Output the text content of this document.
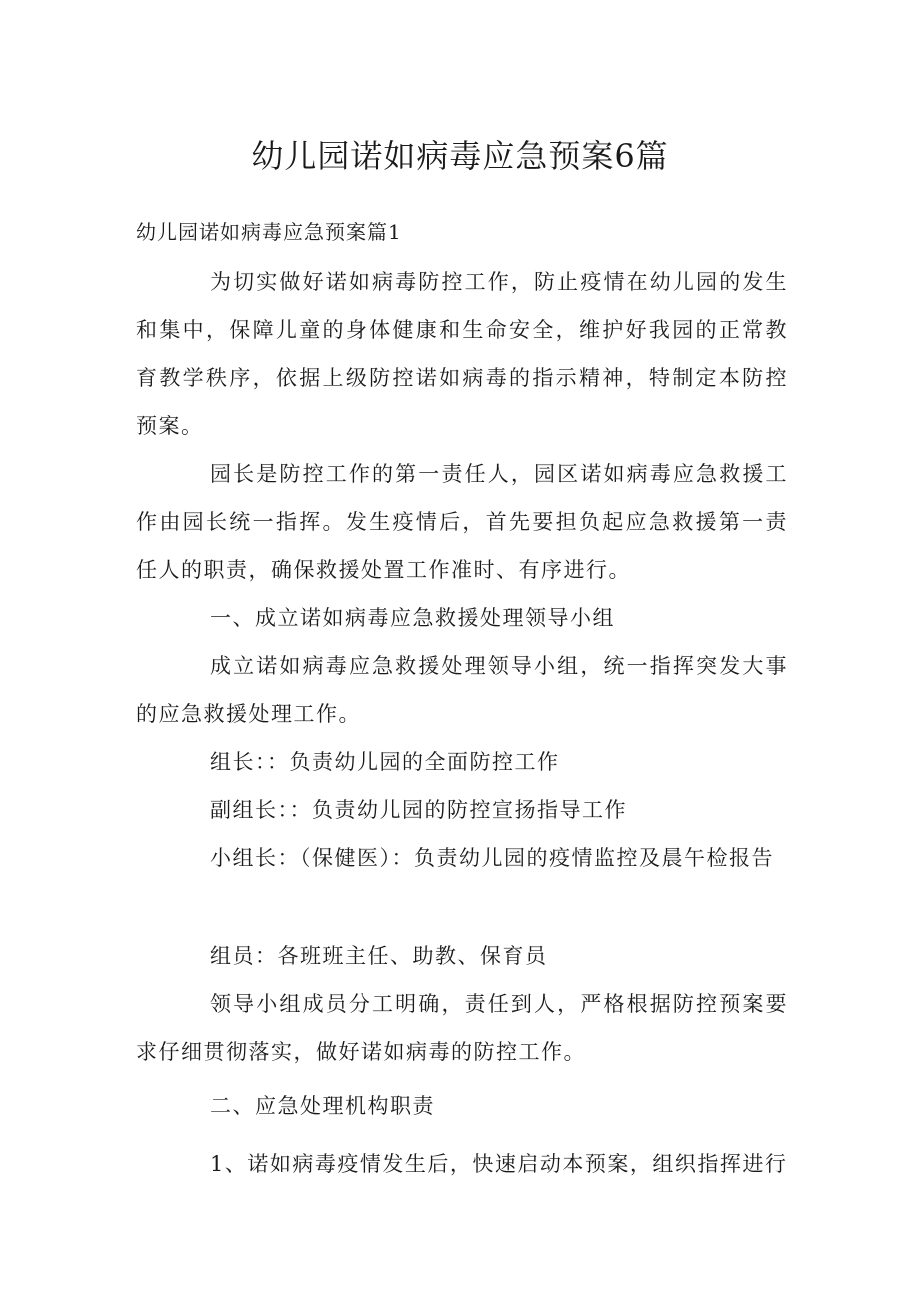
幼儿园诺如病毒应急预案6篇
幼儿园诺如病毒应急预案篇1
为切实做好诺如病毒防控工作，防止疫情在幼儿园的发生和集中，保障儿童的身体健康和生命安全，维护好我园的正常教育教学秩序，依据上级防控诺如病毒的指示精神，特制定本防控预案。
园长是防控工作的第一责任人，园区诺如病毒应急救援工作由园长统一指挥。发生疫情后，首先要担负起应急救援第一责任人的职责，确保救援处置工作准时、有序进行。
一、成立诺如病毒应急救援处理领导小组
成立诺如病毒应急救援处理领导小组，统一指挥突发大事的应急救援处理工作。
组长：：负责幼儿园的全面防控工作
副组长：：负责幼儿园的防控宣扬指导工作
小组长：（保健医）：负责幼儿园的疫情监控及晨午检报告
组员：各班班主任、助教、保育员
领导小组成员分工明确，责任到人，严格根据防控预案要求仔细贯彻落实，做好诺如病毒的防控工作。
二、应急处理机构职责
1、诺如病毒疫情发生后，快速启动本预案，组织指挥进行
